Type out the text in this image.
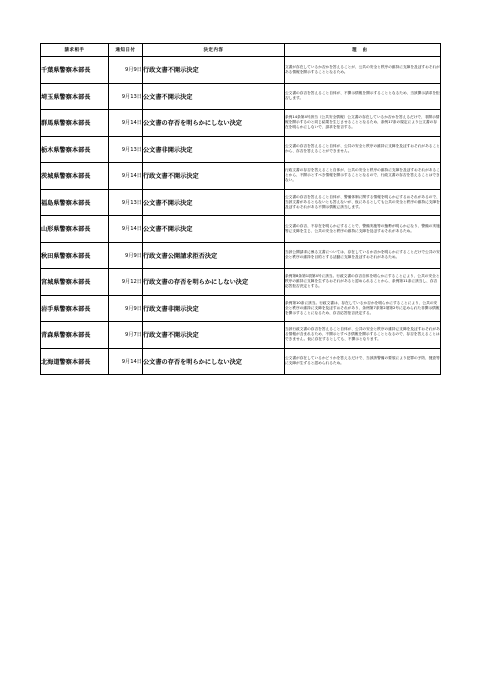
請求相手	通知日付	決定内容	理由
千葉県警察本部長	9月9日	行政文書不開示決定	文書が存在しているか否かを答えることが、公共の安全と秩序の維持に支障を及ぼすおそれがある情報を開示することとなるため。
埼玉県警察本部長	9月13日	公文書不開示決定	公文書の存否を答えること自体が、不開示情報を開示することとなるため、当該開示請求を拒否します。
群馬県警察本部長	9月14日	公文書の存否を明らかにしない決定	条例14条第4号該当（公共安全情報）公文書の存在しているか否かを答えるだけで、非開示情報を開示するのと同じ結果を生じさせることとなるため、条例17条の規定により公文書の存在を明らかにしないで、請求を拒否する。
栃木県警察本部長	9月13日	公文書非開示決定	公文書の存否を答えること自体が、公共の安全と秩序の維持に支障を及ぼすおそれがあることから、存否を答えることができません。
茨城県警察本部長	9月14日	行政文書不開示決定	行政文書の存否を答えること自体が、公共の安全と秩序の維持に支障を及ぼすおそれがあることから、不開示とすべき情報を開示することとなるので、行政文書の存否を答えることはできない。
福島県警察本部長	9月13日	公文書不開示決定	公文書の存否を答えること自体が、警備体制に関する情報を明らかにするおそれがあるので、当該文書があるともないとも答えないが、仮にあるとしても公共の安全と秩序の維持に支障を及ぼすおそれがある不開示情報に該当します。
山形県警察本部長	9月14日	公文書不開示決定	公文書の存否、不存在を明らかにすることで、警備実施等の態勢が明らかになり、警備の実施等に支障を生じ、公共の安全と秩序の維持に支障を及ぼすおそれがあるため。
秋田県警察本部長	9月9日	行政文書公開請求拒否決定	当該公開請求に係る文書については、存在しているか否かを明らかにすることだけで公共の安全と秩序の維持を目的とする活動に支障を及ぼすおそれがあるため。
宮城県警察本部長	9月12日	行政文書の存否を明らかにしない決定	条例第8条第1項第4号に該当。行政文書の存否自体を明らかにすることにより、公共の安全と秩序の維持に支障を生ずるおそれがあると認められることから、条例第11条に該当し、存否応答拒否決定とする。
岩手県警察本部長	9月9日	行政文書非開示決定	条例第10条に該当。行政文書は、存在しているか否かを明らかにすることにより、公共の安全と秩序の維持に支障を及ぼすおそれがあり、条例第7条第2項第2号に定められた非開示情報を開示することになるため、存否応答拒否決定する。
青森県警察本部長	9月7日	行政文書不開示決定	当該行政文書の存否を答えること自体が、公共の安全と秩序の維持に支障を及ぼすおそれがある情報が含まれるため、不開示とすべき情報を開示することとなるので、存否を答えることはできません。仮に存在するとしても、不開示となります。
北海道警察本部長	9月14日	公文書の存否を明らかにしない決定	公文書が存在しているかどうかを答えるだけで、当該該警備の要領により犯罪の予防、捜査等に支障が生ずると認められるため。
